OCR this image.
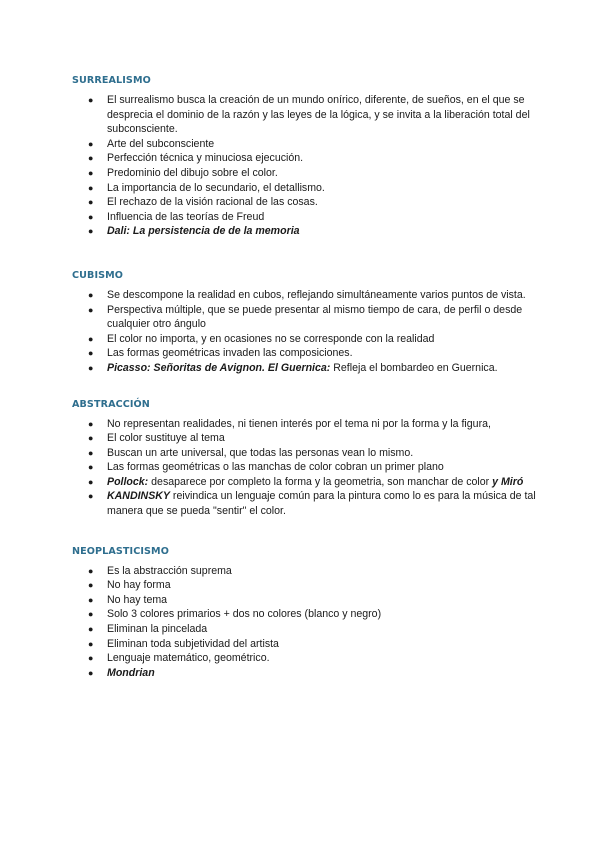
SURREALISMO
● El surrealismo busca la creación de un mundo onírico, diferente, de sueños, en el que se desprecia el dominio de la razón y las leyes de la lógica, y se invita a la liberación total del subconsciente.
● Arte del subconsciente
● Perfección técnica y minuciosa ejecución.
● Predominio del dibujo sobre el color.
● La importancia de lo secundario, el detallismo.
● El rechazo de la visión racional de las cosas.
● Influencia de las teorías de Freud
● Dali: La persistencia de de la memoria
CUBISMO
● Se descompone la realidad en cubos, reflejando simultáneamente varios puntos de vista.
● Perspectiva múltiple, que se puede presentar al mismo tiempo de cara, de perfil o desde cualquier otro ángulo
● El color no importa, y en ocasiones no se corresponde con la realidad
● Las formas geométricas invaden las composiciones.
● Picasso: Señoritas de Avignon. El Guernica: Refleja el bombardeo en Guernica.
ABSTRACCIÓN
● No representan realidades, ni tienen interés por el tema ni por la forma y la figura,
● El color sustituye al tema
● Buscan un arte universal, que todas las personas vean lo mismo.
● Las formas geométricas o las manchas de color cobran un primer plano
● Pollock: desaparece por completo la forma y la geometria, son manchar de color y Miró
● KANDINSKY reivindica un lenguaje común para la pintura como lo es para la música de tal manera que se pueda "sentir" el color.
NEOPLASTICISMO
● Es la abstracción suprema
● No hay forma
● No hay tema
● Solo 3 colores primarios + dos no colores (blanco y negro)
● Eliminan la pincelada
● Eliminan toda subjetividad del artista
● Lenguaje matemático, geométrico.
● Mondrian
